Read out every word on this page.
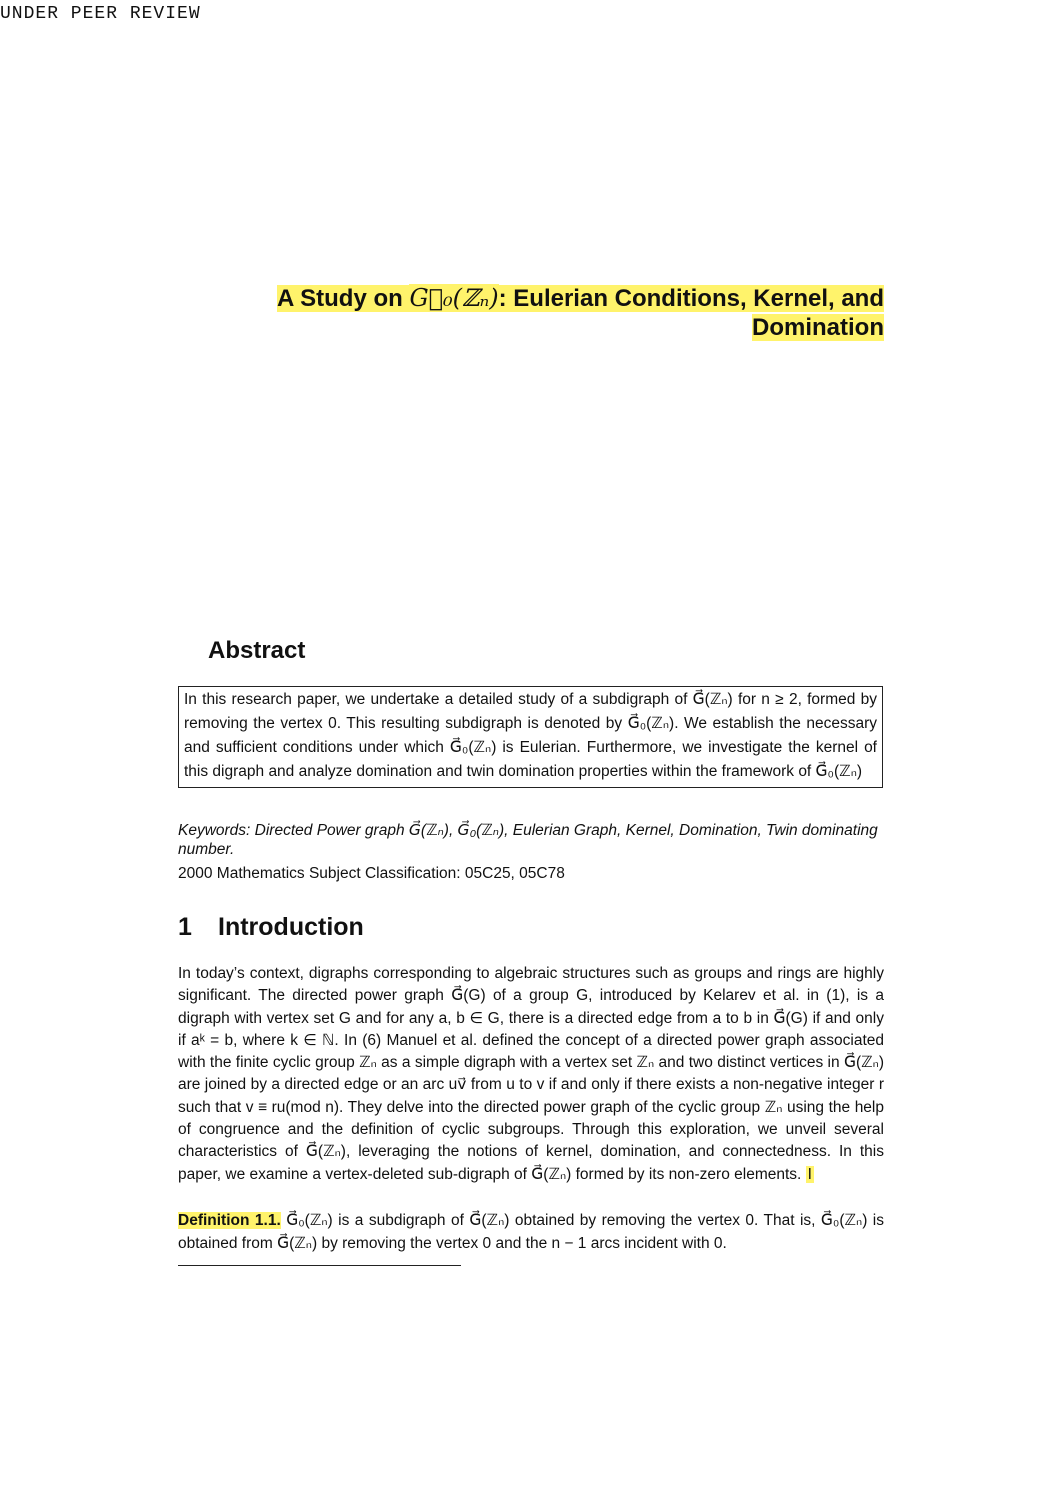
UNDER PEER REVIEW
A Study on G⃗₀(ℤₙ): Eulerian Conditions, Kernel, and
Domination
Abstract
In this research paper, we undertake a detailed study of a subdigraph of G⃗(ℤₙ) for n ≥ 2, formed by removing the vertex 0. This resulting subdigraph is denoted by G⃗₀(ℤₙ). We establish the necessary and sufficient conditions under which G⃗₀(ℤₙ) is Eulerian. Furthermore, we investigate the kernel of this digraph and analyze domination and twin domination properties within the framework of G⃗₀(ℤₙ)
Keywords: Directed Power graph G⃗(ℤₙ), G⃗₀(ℤₙ), Eulerian Graph, Kernel, Domination, Twin dominating number.
2000 Mathematics Subject Classification: 05C25, 05C78
1 Introduction
In today’s context, digraphs corresponding to algebraic structures such as groups and rings are highly significant. The directed power graph G⃗(G) of a group G, introduced by Kelarev et al. in (1), is a digraph with vertex set G and for any a, b ∈ G, there is a directed edge from a to b in G⃗(G) if and only if aᵏ = b, where k ∈ ℕ. In (6) Manuel et al. defined the concept of a directed power graph associated with the finite cyclic group ℤₙ as a simple digraph with a vertex set ℤₙ and two distinct vertices in G⃗(ℤₙ) are joined by a directed edge or an arc uv⃗ from u to v if and only if there exists a non-negative integer r such that v ≡ ru(mod n). They delve into the directed power graph of the cyclic group ℤₙ using the help of congruence and the definition of cyclic subgroups. Through this exploration, we unveil several characteristics of G⃗(ℤₙ), leveraging the notions of kernel, domination, and connectedness. In this paper, we examine a vertex-deleted sub-digraph of G⃗(ℤₙ) formed by its non-zero elements. I
Definition 1.1. G⃗₀(ℤₙ) is a subdigraph of G⃗(ℤₙ) obtained by removing the vertex 0. That is, G⃗₀(ℤₙ) is obtained from G⃗(ℤₙ) by removing the vertex 0 and the n − 1 arcs incident with 0.
